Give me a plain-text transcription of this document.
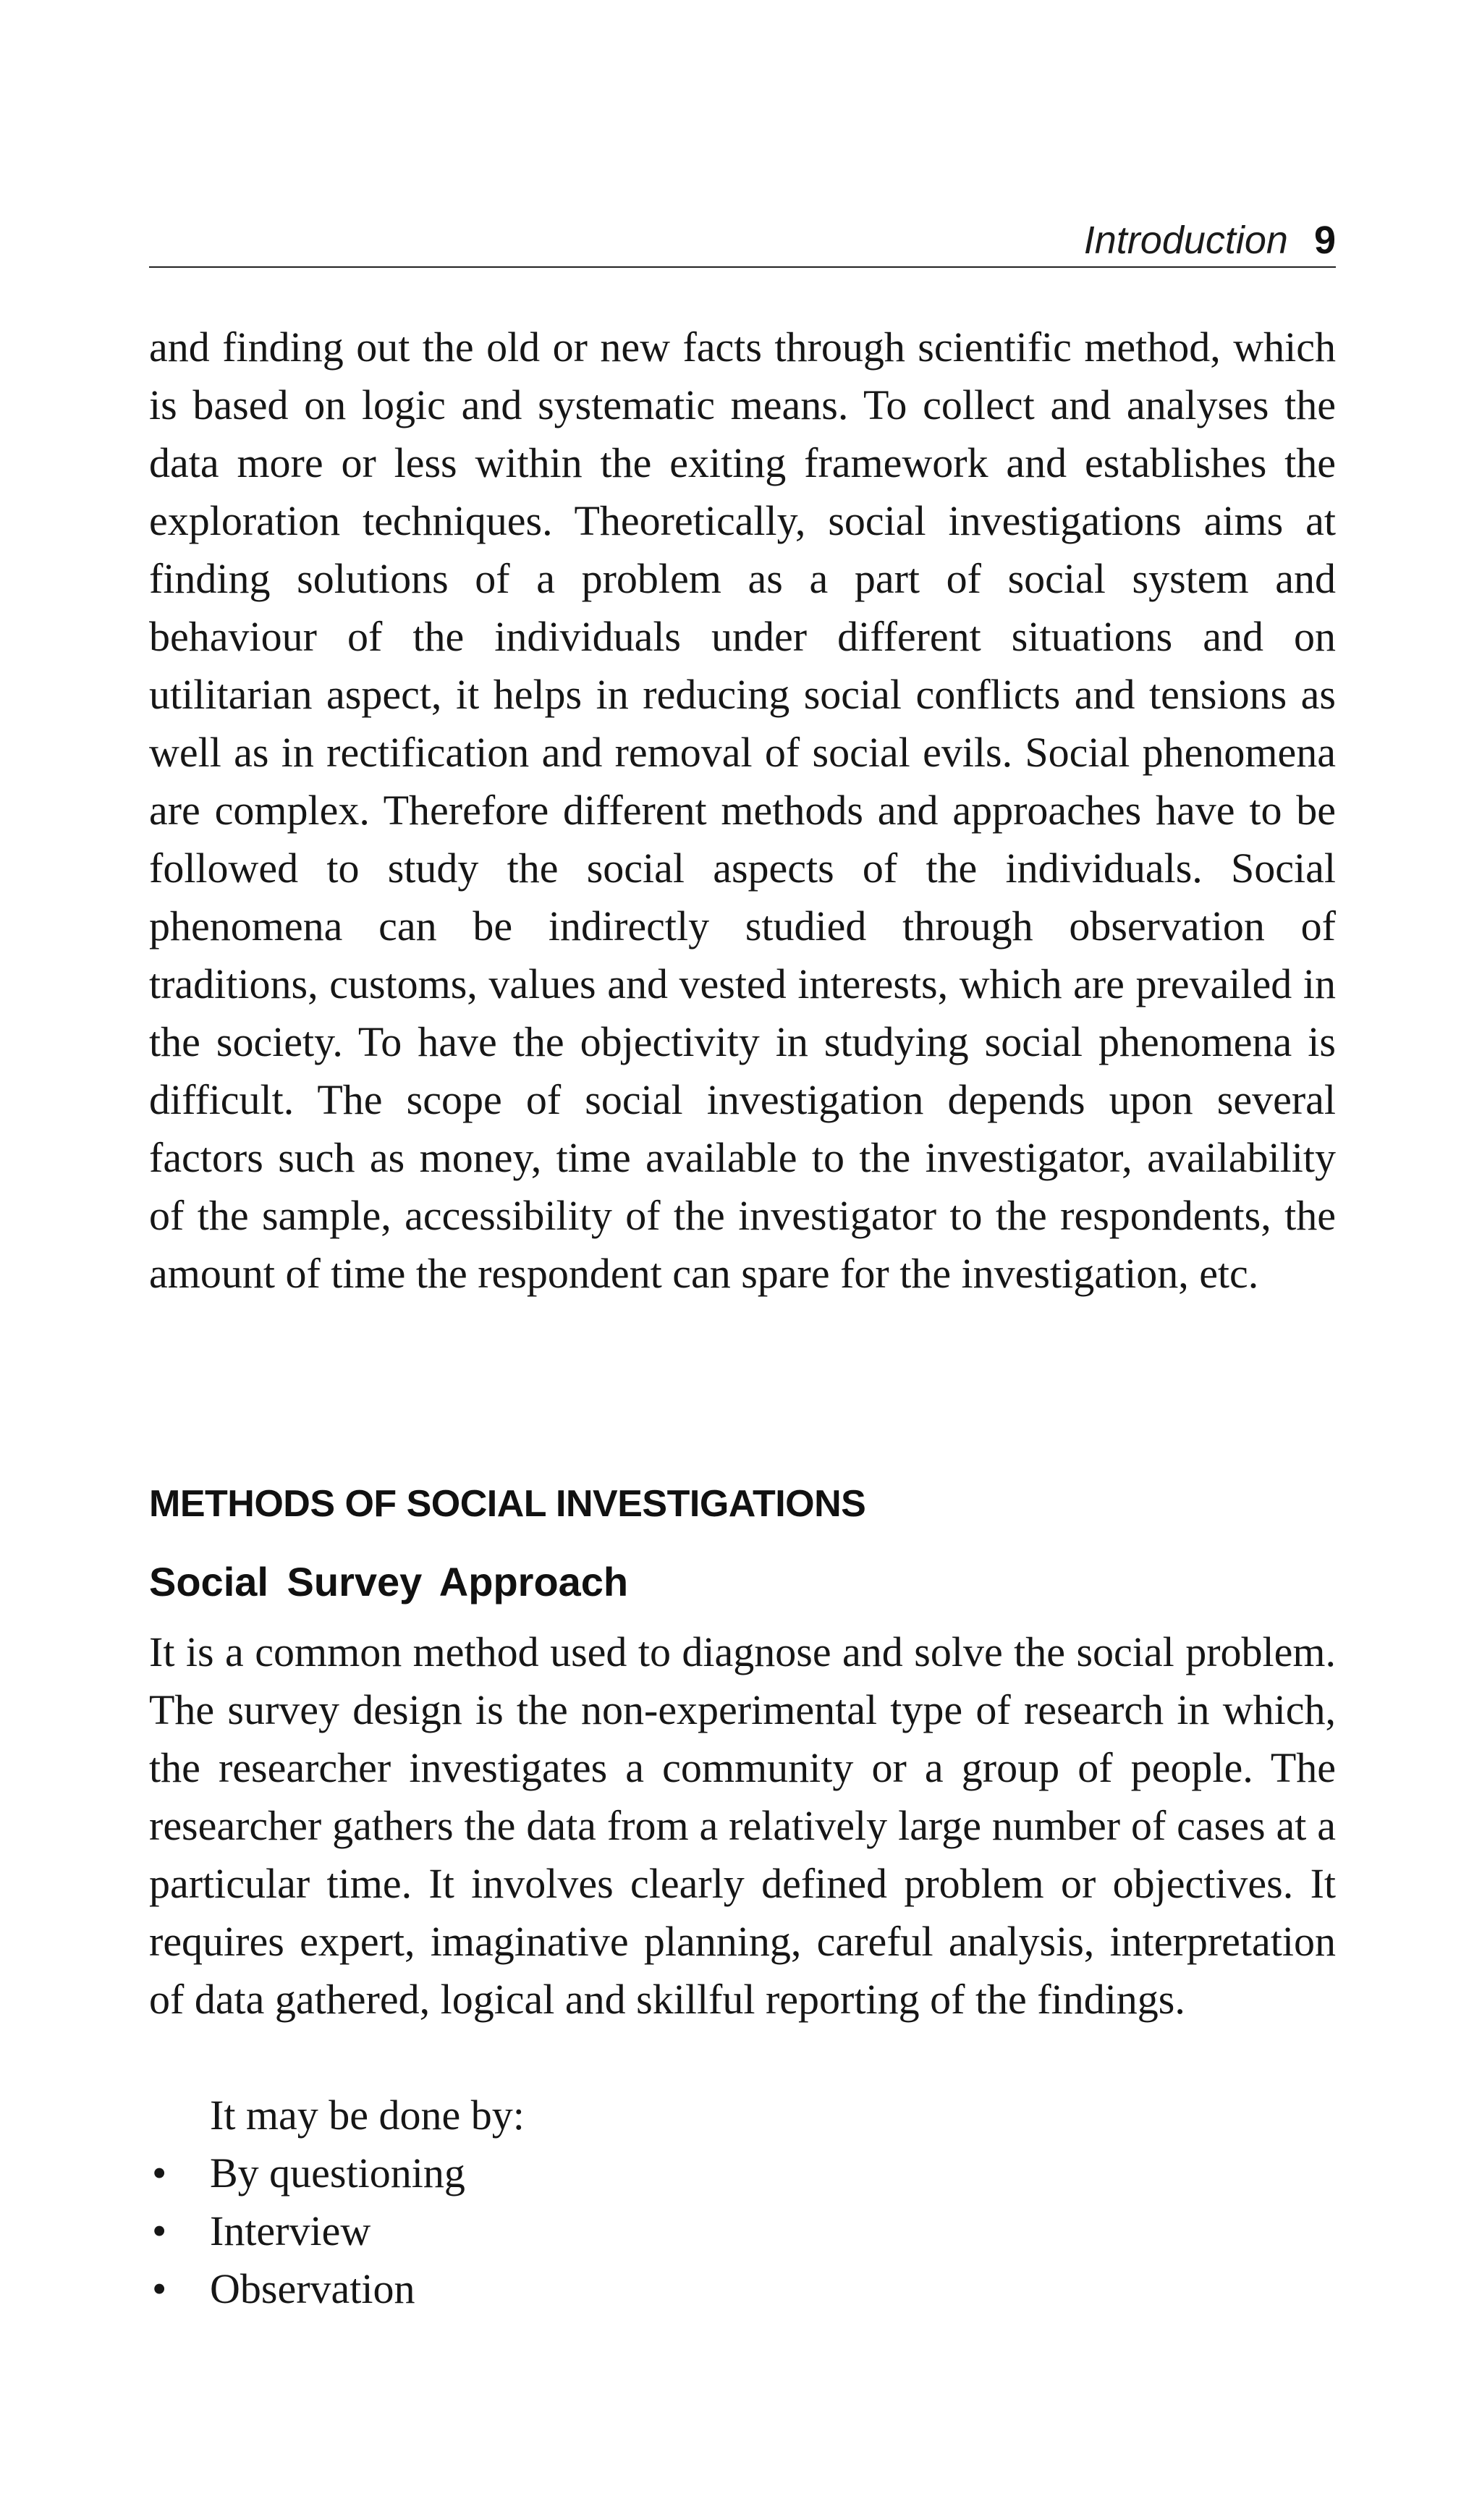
Introduction 9

and finding out the old or new facts through scientific method, which is based on logic and systematic means. To collect and analyses the data more or less within the exiting framework and establishes the exploration techniques. Theoretically, social investigations aims at finding solutions of a problem as a part of social system and behaviour of the individuals under different situations and on utilitarian aspect, it helps in reducing social conflicts and tensions as well as in rectification and removal of social evils. Social phenomena are complex. Therefore different methods and approaches have to be followed to study the social aspects of the individuals. Social phenomena can be indirectly studied through observation of traditions, customs, values and vested interests, which are prevailed in the society. To have the objectivity in studying social phenomena is difficult. The scope of social investigation depends upon several factors such as money, time available to the investigator, availability of the sample, accessibility of the investigator to the respondents, the amount of time the respondent can spare for the investigation, etc.

METHODS OF SOCIAL INVESTIGATIONS
Social Survey Approach

It is a common method used to diagnose and solve the social problem. The survey design is the non-experimental type of research in which, the researcher investigates a community or a group of people. The researcher gathers the data from a relatively large number of cases at a particular time. It involves clearly defined problem or objectives. It requires expert, imaginative planning, careful analysis, interpretation of data gathered, logical and skillful reporting of the findings.

It may be done by:

•	By questioning
•	Interview
•	Observation
